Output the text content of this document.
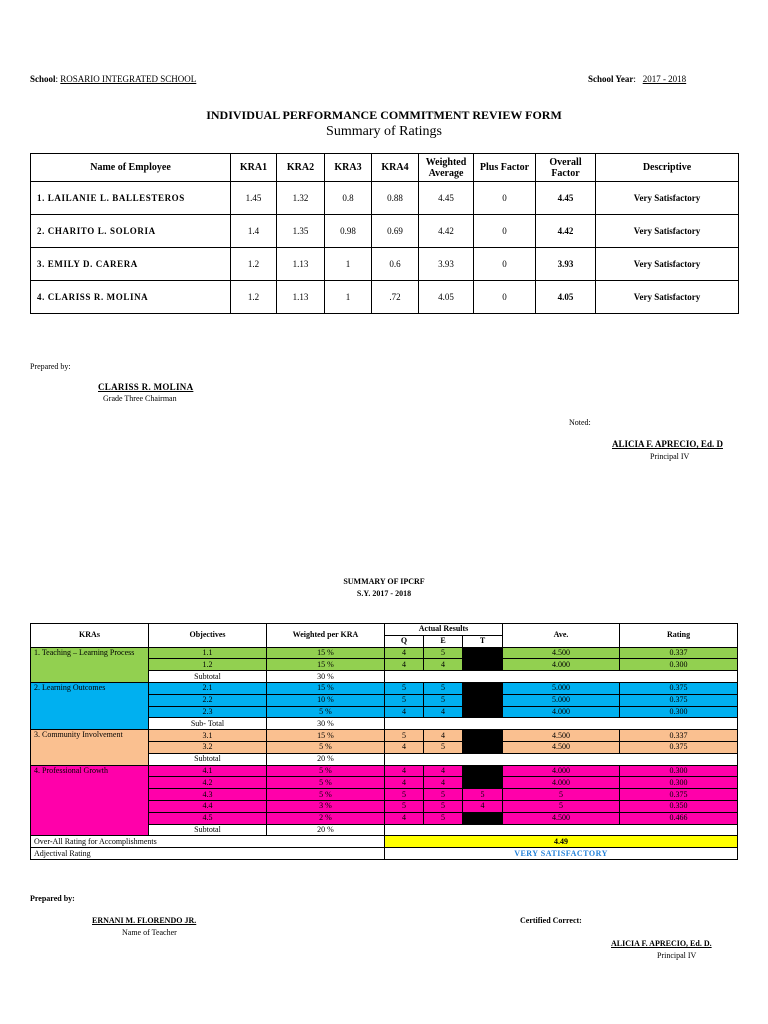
School: ROSARIO INTEGRATED SCHOOL	School Year:   2017 - 2018
INDIVIDUAL PERFORMANCE COMMITMENT REVIEW FORM
Summary of Ratings
Name of Employee	KRA1	KRA2	KRA3	KRA4	Weighted Average	Plus Factor	Overall Factor	Descriptive
1. LAILANIE L. BALLESTEROS	1.45	1.32	0.8	0.88	4.45	0	4.45	Very Satisfactory
2. CHARITO L. SOLORIA	1.4	1.35	0.98	0.69	4.42	0	4.42	Very Satisfactory
3. EMILY D. CARERA	1.2	1.13	1	0.6	3.93	0	3.93	Very Satisfactory
4. CLARISS R. MOLINA	1.2	1.13	1	.72	4.05	0	4.05	Very Satisfactory
Prepared by:
CLARISS R. MOLINA
Grade Three Chairman
Noted:
ALICIA F. APRECIO, Ed. D
Principal IV
SUMMARY OF IPCRF
S.Y. 2017 - 2018
KRAs	Objectives	Weighted per KRA	Actual Results			Ave.	Rating
			Q	E	T		
1. Teaching – Learning Process	1.1	15 %	4	5		4.500	0.337
	1.2	15 %	4	4		4.000	0.300
	Subtotal	30 %					
2. Learning Outcomes	2.1	15 %	5	5		5.000	0.375
	2.2	10 %	5	5		5.000	0.375
	2.3	5 %	4	4		4.000	0.300
	Sub- Total	30 %					
3. Community Involvement	3.1	15 %	5	4		4.500	0.337
	3.2	5 %	4	5		4.500	0.375
	Subtotal	20 %					
4. Professional Growth	4.1	5 %	4	4		4.000	0.300
	4.2	5 %	4	4		4.000	0.300
	4.3	5 %	5	5	5	5	0.375
	4.4	3 %	5	5	4	5	0.350
	4.5	2 %	4	5		4.500	0.466
	Subtotal	20 %					
Over-All Rating for Accomplishments			4.49				
Adjectival Rating			VERY SATISFACTORY				
Prepared by:
ERNANI M. FLORENDO JR.
Name of Teacher
Certified Correct:
ALICIA F. APRECIO, Ed. D.
Principal IV
